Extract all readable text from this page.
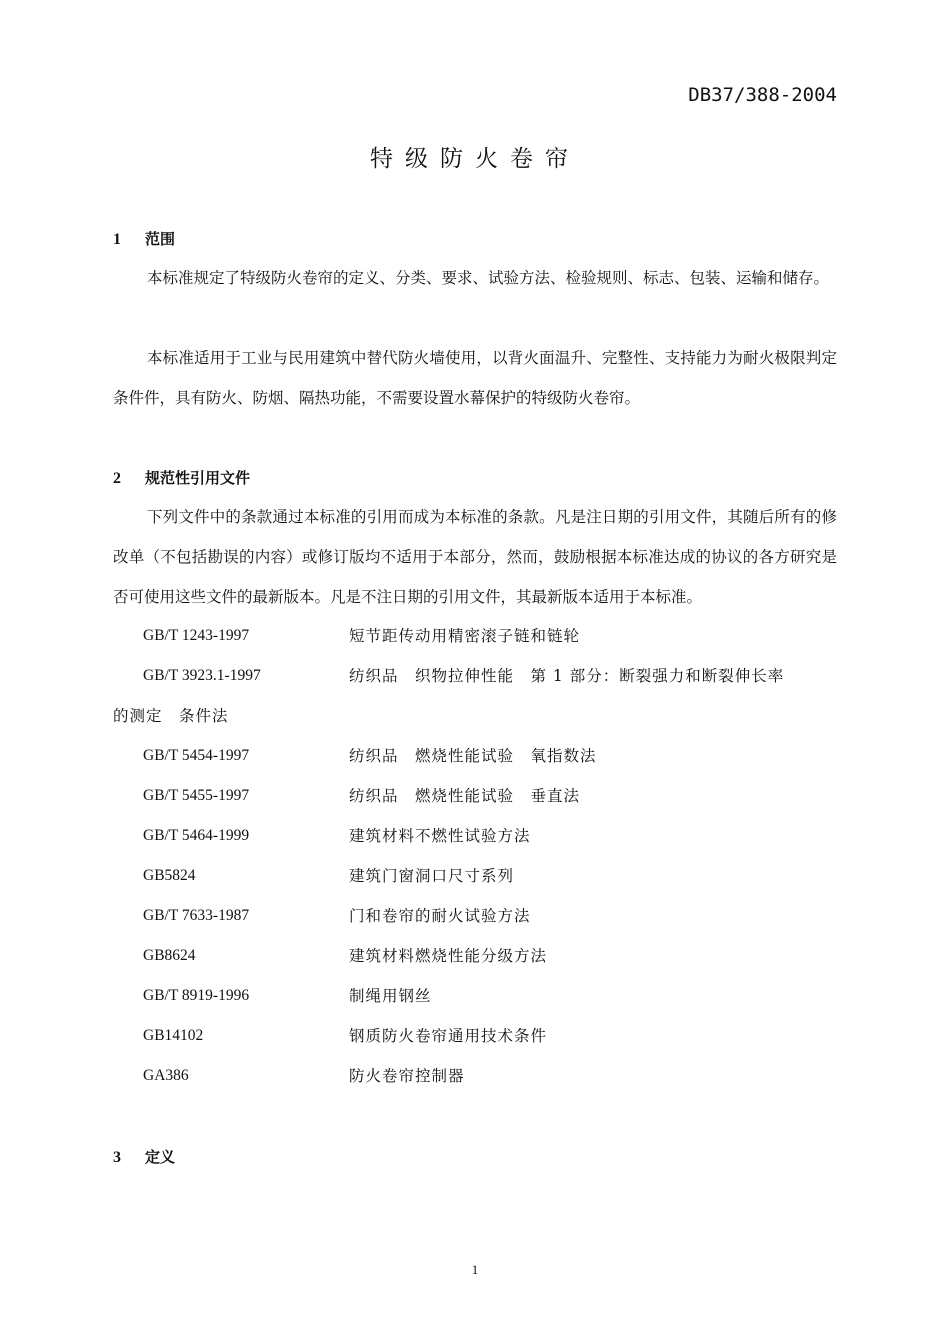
DB37/388-2004
特级防火卷帘
1 范围

本标准规定了特级防火卷帘的定义、分类、要求、试验方法、检验规则、标志、包装、运输和储存。

本标准适用于工业与民用建筑中替代防火墙使用，以背火面温升、完整性、支持能力为耐火极限判定条件件，具有防火、防烟、隔热功能，不需要设置水幕保护的特级防火卷帘。

2 规范性引用文件

下列文件中的条款通过本标准的引用而成为本标准的条款。凡是注日期的引用文件，其随后所有的修改单（不包括勘误的内容）或修订版均不适用于本部分，然而，鼓励根据本标准达成的协议的各方研究是否可使用这些文件的最新版本。凡是不注日期的引用文件，其最新版本适用于本标准。

GB/T 1243-1997	短节距传动用精密滚子链和链轮
GB/T 3923.1-1997	纺织品　织物拉伸性能　第 1 部分：断裂强力和断裂伸长率
的测定　条件法
GB/T 5454-1997	纺织品　燃烧性能试验　氧指数法
GB/T 5455-1997	纺织品　燃烧性能试验　垂直法
GB/T 5464-1999	建筑材料不燃性试验方法
GB5824	建筑门窗洞口尺寸系列
GB/T 7633-1987	门和卷帘的耐火试验方法
GB8624	建筑材料燃烧性能分级方法
GB/T 8919-1996	制绳用钢丝
GB14102	钢质防火卷帘通用技术条件
GA386	防火卷帘控制器
3 定义
1
